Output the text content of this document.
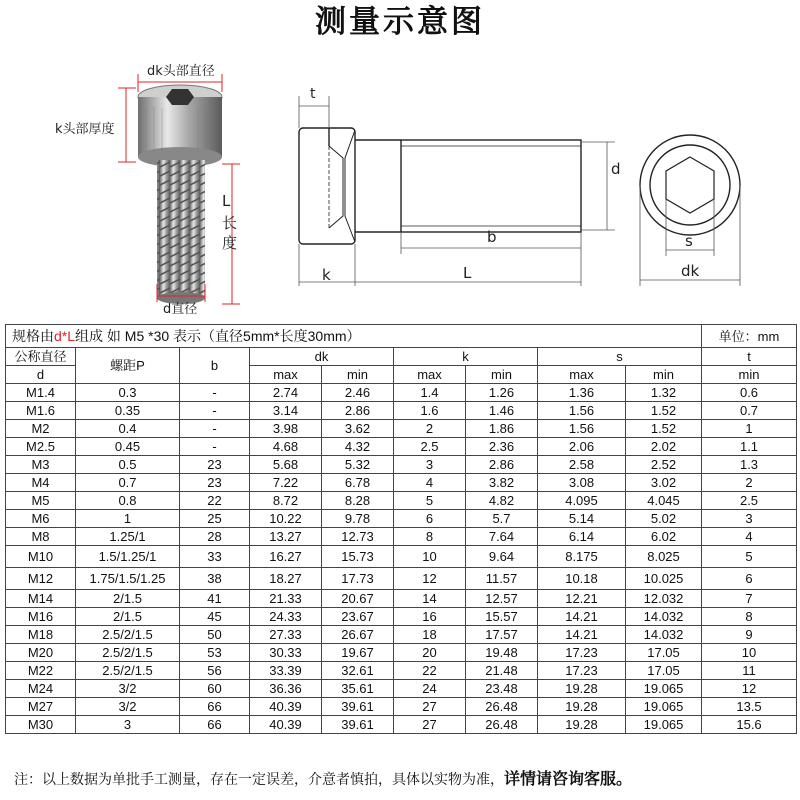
测量示意图
dk头部直径
k头部厚度
L
长
度
d直径
t
d
b
k	L
s
dk
规格由d*L组成 如 M5 *30 表示（直径5mm*长度30mm）									单位：mm
公称直径	螺距P	b	dk		k		s		t
d			max	min	max	min	max	min	min
M1.4	0.3	-	2.74	2.46	1.4	1.26	1.36	1.32	0.6
M1.6	0.35	-	3.14	2.86	1.6	1.46	1.56	1.52	0.7
M2	0.4	-	3.98	3.62	2	1.86	1.56	1.52	1
M2.5	0.45	-	4.68	4.32	2.5	2.36	2.06	2.02	1.1
M3	0.5	23	5.68	5.32	3	2.86	2.58	2.52	1.3
M4	0.7	23	7.22	6.78	4	3.82	3.08	3.02	2
M5	0.8	22	8.72	8.28	5	4.82	4.095	4.045	2.5
M6	1	25	10.22	9.78	6	5.7	5.14	5.02	3
M8	1.25/1	28	13.27	12.73	8	7.64	6.14	6.02	4
M10	1.5/1.25/1	33	16.27	15.73	10	9.64	8.175	8.025	5
M12	1.75/1.5/1.25	38	18.27	17.73	12	11.57	10.18	10.025	6
M14	2/1.5	41	21.33	20.67	14	12.57	12.21	12.032	7
M16	2/1.5	45	24.33	23.67	16	15.57	14.21	14.032	8
M18	2.5/2/1.5	50	27.33	26.67	18	17.57	14.21	14.032	9
M20	2.5/2/1.5	53	30.33	19.67	20	19.48	17.23	17.05	10
M22	2.5/2/1.5	56	33.39	32.61	22	21.48	17.23	17.05	11
M24	3/2	60	36.36	35.61	24	23.48	19.28	19.065	12
M27	3/2	66	40.39	39.61	27	26.48	19.28	19.065	13.5
M30	3	66	40.39	39.61	27	26.48	19.28	19.065	15.6
注：以上数据为单批手工测量，存在一定误差，介意者慎拍，具体以实物为准，详情请咨询客服。
